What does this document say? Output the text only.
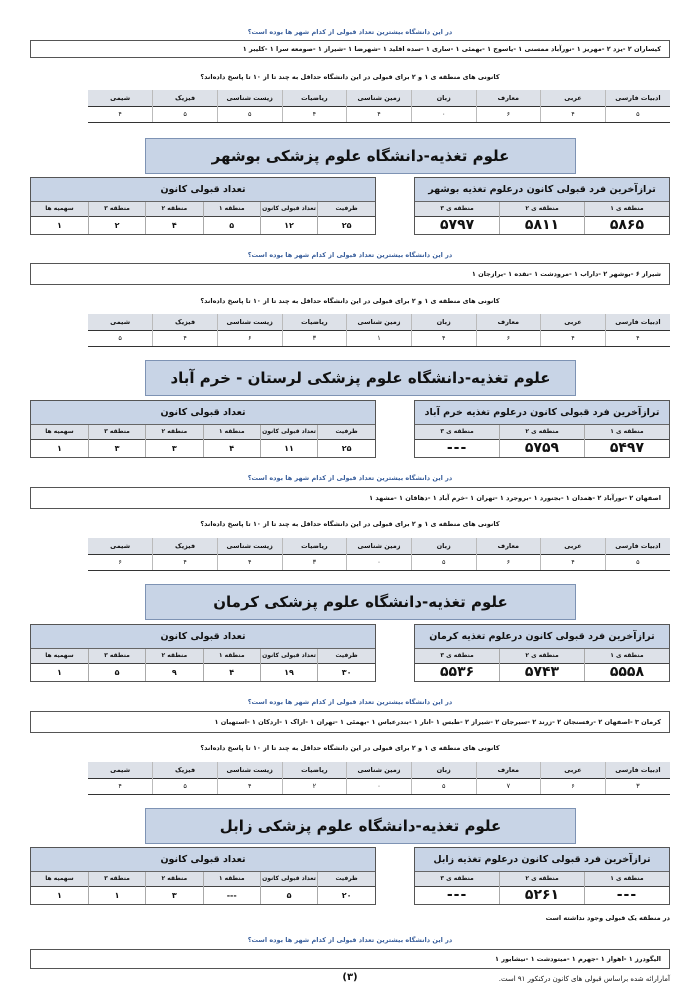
در این دانشگاه بیشترین تعداد قبولی از کدام شهر ها بوده است؟
کیساران ۲ -یزد ۲ -مهریز ۱ -نورآباد ممسنی ۱ -یاسوج ۱ -بهمئی ۱ -ساری ۱ -سده اقلید ۱ -شهرضا ۱ -شیراز ۱ -صومعه سرا ۱ -کلیبر ۱
کانونی های منطقه ی ۱ و ۲ برای قبولی در این دانشگاه حداقل به چند تا از ۱۰ تا پاسخ داده‌اند؟
ادبیات فارسی	عربی	معارف	زبان	زمین شناسی	ریاضیات	زیست شناسی	فیزیک	شیمی
۵	۴	۶	۰	۴	۴	۵	۵	۴
علوم تغذیه-دانشگاه علوم پزشکی بوشهر
ترازآخرین فرد قبولی کانون درعلوم تغذیه بوشهر
منطقه ی ۱	منطقه ی ۲	منطقه ی ۳
۵۸۶۵	۵۸۱۱	۵۷۹۷
تعداد قبولی کانون
ظرفیت	تعداد قبولی کانون	منطقه ۱	منطقه ۲	منطقه ۳	سهمیه ها
۲۵	۱۲	۵	۴	۲	۱
در این دانشگاه بیشترین تعداد قبولی از کدام شهر ها بوده است؟
شیراز ۶ -بوشهر ۲ -داراب ۱ -مرودشت ۱ -نقده ۱ -برازجان ۱
کانونی های منطقه ی ۱ و ۲ برای قبولی در این دانشگاه حداقل به چند تا از ۱۰ تا پاسخ داده‌اند؟
ادبیات فارسی	عربی	معارف	زبان	زمین شناسی	ریاضیات	زیست شناسی	فیزیک	شیمی
۴	۴	۶	۴	۱	۳	۶	۴	۵
علوم تغذیه-دانشگاه علوم پزشکی لرستان - خرم آباد
ترازآخرین فرد قبولی کانون درعلوم تغذیه خرم آباد
منطقه ی ۱	منطقه ی ۲	منطقه ی ۳
۵۴۹۷	۵۷۵۹	---
تعداد قبولی کانون
ظرفیت	تعداد قبولی کانون	منطقه ۱	منطقه ۲	منطقه ۳	سهمیه ها
۲۵	۱۱	۴	۳	۳	۱
در این دانشگاه بیشترین تعداد قبولی از کدام شهر ها بوده است؟
اصفهان ۲ -نورآباد ۲ -همدان ۱ -بجنورد ۱ -بروجرد ۱ -تهران ۱ -خرم آباد ۱ -دهاقان ۱ -مشهد ۱
کانونی های منطقه ی ۱ و ۲ برای قبولی در این دانشگاه حداقل به چند تا از ۱۰ تا پاسخ داده‌اند؟
ادبیات فارسی	عربی	معارف	زبان	زمین شناسی	ریاضیات	زیست شناسی	فیزیک	شیمی
۵	۴	۶	۵	۰	۳	۴	۴	۶
علوم تغذیه-دانشگاه علوم پزشکی کرمان
ترازآخرین فرد قبولی کانون درعلوم تغذیه کرمان
منطقه ی ۱	منطقه ی ۲	منطقه ی ۳
۵۵۵۸	۵۷۴۳	۵۵۳۶
تعداد قبولی کانون
ظرفیت	تعداد قبولی کانون	منطقه ۱	منطقه ۲	منطقه ۳	سهمیه ها
۳۰	۱۹	۴	۹	۵	۱
در این دانشگاه بیشترین تعداد قبولی از کدام شهر ها بوده است؟
کرمان ۳ -اصفهان ۲ -رفسنجان ۲ -زرند ۲ -سیرجان ۲ -شیراز ۲ -طبس ۱ -انار ۱ -بندرعباس ۱ -بهمئی ۱ -تهران ۱ -اراک ۱ -اردکان ۱ -استهبان ۱
کانونی های منطقه ی ۱ و ۲ برای قبولی در این دانشگاه حداقل به چند تا از ۱۰ تا پاسخ داده‌اند؟
ادبیات فارسی	عربی	معارف	زبان	زمین شناسی	ریاضیات	زیست شناسی	فیزیک	شیمی
۳	۶	۷	۵	۰	۲	۴	۵	۴
علوم تغذیه-دانشگاه علوم پزشکی زابل
ترازآخرین فرد قبولی کانون درعلوم تغذیه زابل
منطقه ی ۱	منطقه ی ۲	منطقه ی ۳
---	۵۲۶۱	---
تعداد قبولی کانون
ظرفیت	تعداد قبولی کانون	منطقه ۱	منطقه ۲	منطقه ۳	سهمیه ها
۲۰	۵	---	۳	۱	۱
در منطقه یک قبولی وجود نداشته است
در این دانشگاه بیشترین تعداد قبولی از کدام شهر ها بوده است؟
الیگودرز ۱ -اهواز ۱ -جهرم ۱ -میتودشت ۱ -نیشابور ۱
آمارارائه شده براساس قبولی های کانون درکنکور ۹۱ است.
(۳)
